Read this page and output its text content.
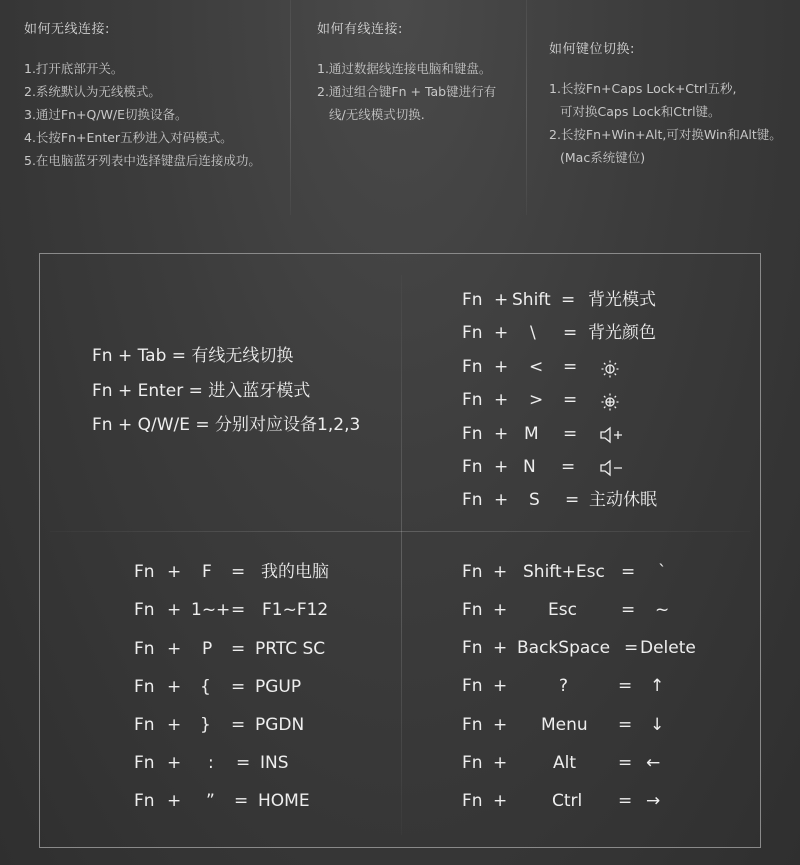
如何无线连接:
1.打开底部开关。
2.系统默认为无线模式。
3.通过Fn+Q/W/E切换设备。
4.长按Fn+Enter五秒进入对码模式。
5.在电脑蓝牙列表中选择键盘后连接成功。
如何有线连接:
1.通过数据线连接电脑和键盘。
2.通过组合键Fn + Tab键进行有
线/无线模式切换.
如何键位切换:
1.长按Fn+Caps Lock+Ctrl五秒,
可对换Caps Lock和Ctrl键。
2.长按Fn+Win+Alt,可对换Win和Alt键。
(Mac系统键位)
Fn + Tab = 有线无线切换
Fn + Enter = 进入蓝牙模式
Fn + Q/W/E = 分别对应设备1,2,3
Fn + Shift = 背光模式
Fn + \ = 背光颜色
Fn + < =
Fn + > =
Fn + M =
Fn + N =
Fn + S = 主动休眠
Fn + F = 我的电脑
Fn + 1~+ = F1~F12
Fn + P = PRTC SC
Fn + { = PGUP
Fn + } = PGDN
Fn + : = INS
Fn + ” = HOME
Fn + Shift+Esc = `
Fn + Esc	= ~
Fn + BackSpace = Delete
Fn +	?	= ↑
Fn + Menu = ↓
Fn +	Alt = ←
Fn +	Ctrl = →
